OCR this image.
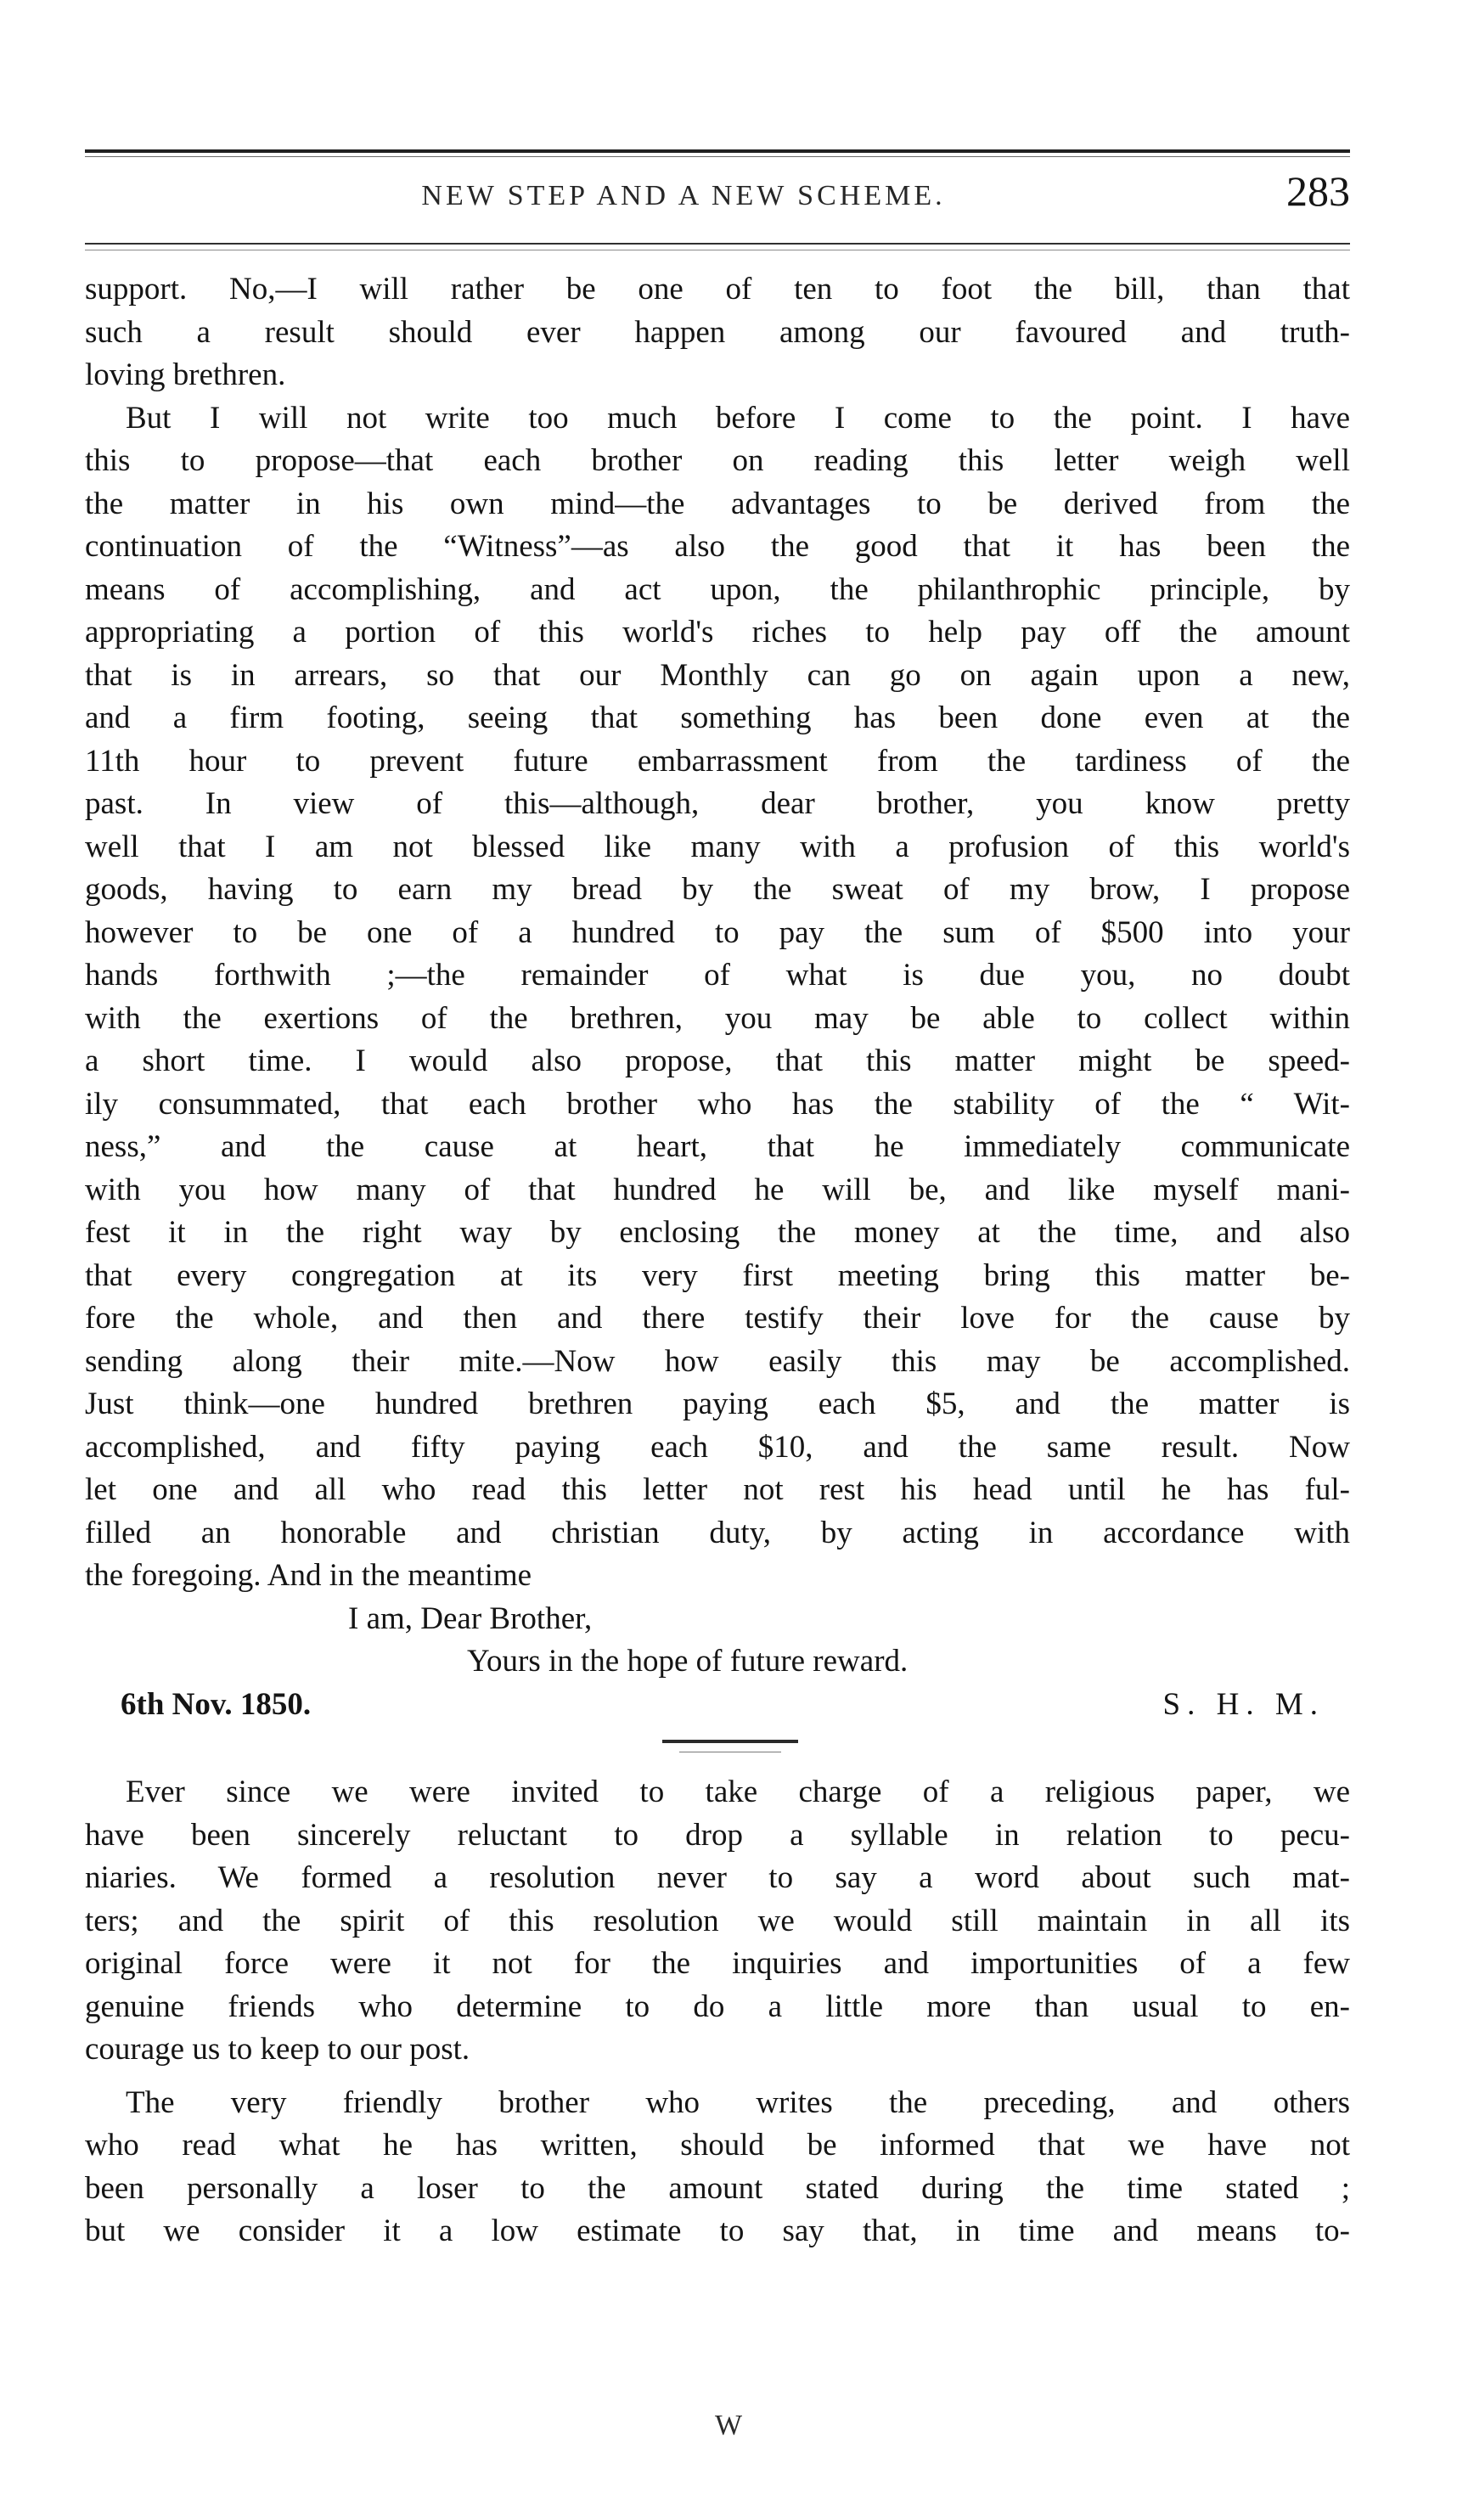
NEW STEP AND A NEW SCHEME.	283
support. No,—I will rather be one of ten to foot the bill, than that
such a result should ever happen among our favoured and truth-
loving brethren.
But I will not write too much before I come to the point. I have
this to propose—that each brother on reading this letter weigh well
the matter in his own mind—the advantages to be derived from the
continuation of the “Witness”—as also the good that it has been the
means of accomplishing, and act upon, the philanthrophic principle, by
appropriating a portion of this world's riches to help pay off the amount
that is in arrears, so that our Monthly can go on again upon a new,
and a firm footing, seeing that something has been done even at the
11th hour to prevent future embarrassment from the tardiness of the
past. In view of this—although, dear brother, you know pretty
well that I am not blessed like many with a profusion of this world's
goods, having to earn my bread by the sweat of my brow, I propose
however to be one of a hundred to pay the sum of $500 into your
hands forthwith ;—the remainder of what is due you, no doubt
with the exertions of the brethren, you may be able to collect within
a short time. I would also propose, that this matter might be speed-
ily consummated, that each brother who has the stability of the “ Wit-
ness,” and the cause at heart, that he immediately communicate
with you how many of that hundred he will be, and like myself mani-
fest it in the right way by enclosing the money at the time, and also
that every congregation at its very first meeting bring this matter be-
fore the whole, and then and there testify their love for the cause by
sending along their mite.—Now how easily this may be accomplished.
Just think—one hundred brethren paying each $5, and the matter is
accomplished, and fifty paying each $10, and the same result. Now
let one and all who read this letter not rest his head until he has ful-
filled an honorable and christian duty, by acting in accordance with
the foregoing. And in the meantime
I am, Dear Brother,
Yours in the hope of future reward.
6th Nov. 1850.	S. H. M.
Ever since we were invited to take charge of a religious paper, we
have been sincerely reluctant to drop a syllable in relation to pecu-
niaries. We formed a resolution never to say a word about such mat-
ters; and the spirit of this resolution we would still maintain in all its
original force were it not for the inquiries and importunities of a few
genuine friends who determine to do a little more than usual to en-
courage us to keep to our post.
The very friendly brother who writes the preceding, and others
who read what he has written, should be informed that we have not
been personally a loser to the amount stated during the time stated ;
but we consider it a low estimate to say that, in time and means to-
W
